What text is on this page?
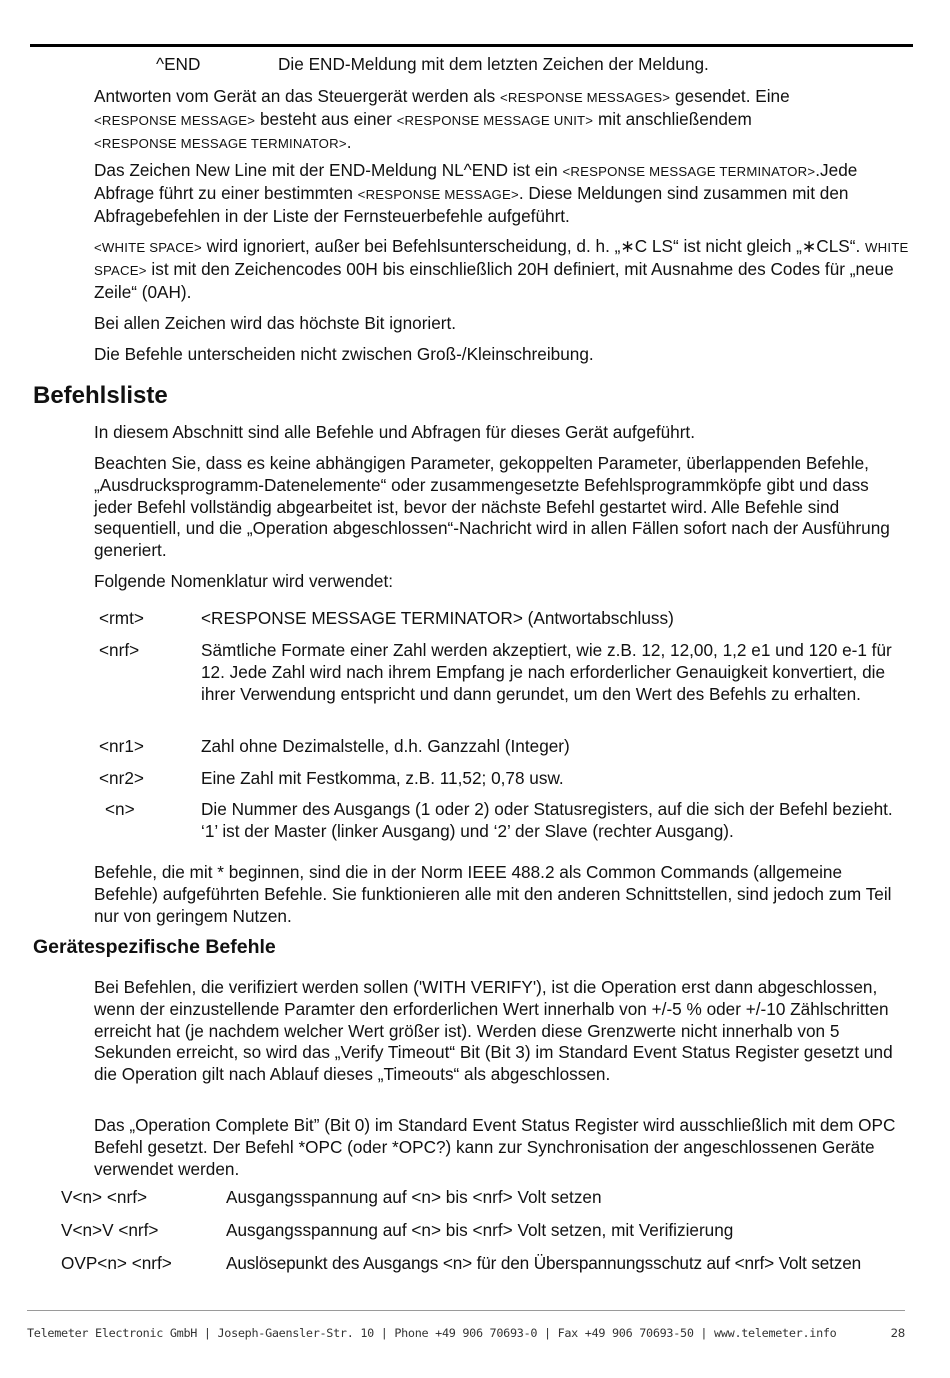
^END	Die END-Meldung mit dem letzten Zeichen der Meldung.

Antworten vom Gerät an das Steuergerät werden als <RESPONSE MESSAGES> gesendet. Eine
<RESPONSE MESSAGE> besteht aus einer <RESPONSE MESSAGE UNIT> mit anschließendem
<RESPONSE MESSAGE TERMINATOR>.

Das Zeichen New Line mit der END-Meldung NL^END ist ein <RESPONSE MESSAGE TERMINATOR>.Jede Abfrage führt zu einer bestimmten <RESPONSE MESSAGE>. Diese Meldungen sind zusammen mit den Abfragebefehlen in der Liste der Fernsteuerbefehle aufgeführt.

<WHITE SPACE> wird ignoriert, außer bei Befehlsunterscheidung, d. h. „∗C LS“ ist nicht gleich „∗CLS“. WHITE SPACE> ist mit den Zeichencodes 00H bis einschließlich 20H definiert, mit Ausnahme des Codes für „neue Zeile“ (0AH).

Bei allen Zeichen wird das höchste Bit ignoriert.

Die Befehle unterscheiden nicht zwischen Groß-/Kleinschreibung.

Befehlsliste

In diesem Abschnitt sind alle Befehle und Abfragen für dieses Gerät aufgeführt.

Beachten Sie, dass es keine abhängigen Parameter, gekoppelten Parameter, überlappenden Befehle, „Ausdrucksprogramm-Datenelemente“ oder zusammengesetzte Befehlsprogrammköpfe gibt und dass jeder Befehl vollständig abgearbeitet ist, bevor der nächste Befehl gestartet wird. Alle Befehle sind sequentiell, und die „Operation abgeschlossen“-Nachricht wird in allen Fällen sofort nach der Ausführung generiert.

Folgende Nomenklatur wird verwendet:

<rmt>	<RESPONSE MESSAGE TERMINATOR> (Antwortabschluss)
<nrf>	Sämtliche Formate einer Zahl werden akzeptiert, wie z.B. 12, 12,00, 1,2 e1 und 120 e-1 für 12. Jede Zahl wird nach ihrem Empfang je nach erforderlicher Genauigkeit konvertiert, die ihrer Verwendung entspricht und dann gerundet, um den Wert des Befehls zu erhalten.
<nr1>	Zahl ohne Dezimalstelle, d.h. Ganzzahl (Integer)
<nr2>	Eine Zahl mit Festkomma, z.B. 11,52; 0,78 usw.
<n>	Die Nummer des Ausgangs (1 oder 2) oder Statusregisters, auf die sich der Befehl bezieht. ‘1’ ist der Master (linker Ausgang) und ‘2’ der Slave (rechter Ausgang).

Befehle, die mit * beginnen, sind die in der Norm IEEE 488.2 als Common Commands (allgemeine Befehle) aufgeführten Befehle. Sie funktionieren alle mit den anderen Schnittstellen, sind jedoch zum Teil nur von geringem Nutzen.

Gerätespezifische Befehle

Bei Befehlen, die verifiziert werden sollen ('WITH VERIFY'), ist die Operation erst dann abgeschlossen, wenn der einzustellende Paramter den erforderlichen Wert innerhalb von +/-5 % oder +/-10 Zählschritten erreicht hat (je nachdem welcher Wert größer ist). Werden diese Grenzwerte nicht innerhalb von 5 Sekunden erreicht, so wird das „Verify Timeout“ Bit (Bit 3) im Standard Event Status Register gesetzt und die Operation gilt nach Ablauf dieses „Timeouts“ als abgeschlossen.

Das „Operation Complete Bit” (Bit 0) im Standard Event Status Register wird ausschließlich mit dem OPC Befehl gesetzt. Der Befehl *OPC (oder *OPC?) kann zur Synchronisation der angeschlossenen Geräte verwendet werden.

V<n> <nrf>	Ausgangsspannung auf <n> bis <nrf> Volt setzen
V<n>V <nrf>	Ausgangsspannung auf <n> bis <nrf> Volt setzen, mit Verifizierung
OVP<n> <nrf>	Auslösepunkt des Ausgangs <n> für den Überspannungsschutz auf <nrf> Volt setzen
Telemeter Electronic GmbH | Joseph-Gaensler-Str. 10 | Phone +49 906 70693-0 | Fax +49 906 70693-50 | www.telemeter.info	28
